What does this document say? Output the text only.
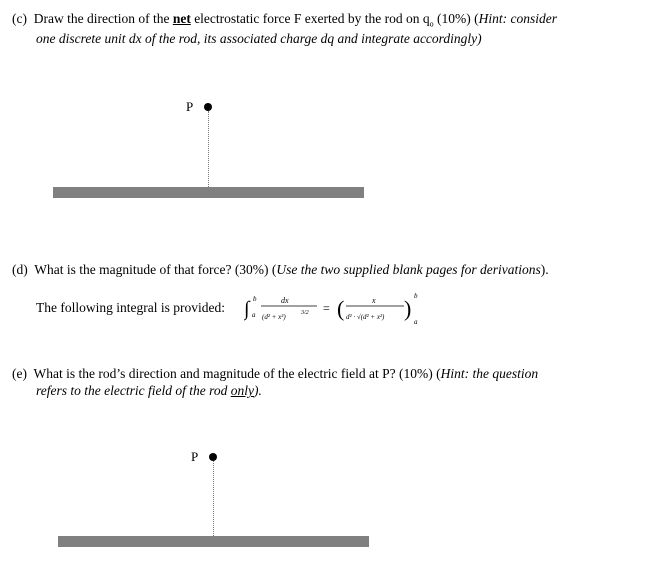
(c) Draw the direction of the net electrostatic force F exerted by the rod on $q_o$ (10%) (Hint: consider
one discrete unit dx of the rod, its associated charge dq and integrate accordingly)
P
(d) What is the magnitude of that force? (30%) (Use the two supplied blank pages for derivations).
The following integral is provided: ∫ b
a
dx
(d² + x²)	3/2 = (	x
d² · √(d² + x²) ) b
a
(e) What is the rod’s direction and magnitude of the electric field at P? (10%) (Hint: the question
refers to the electric field of the rod only).
P
